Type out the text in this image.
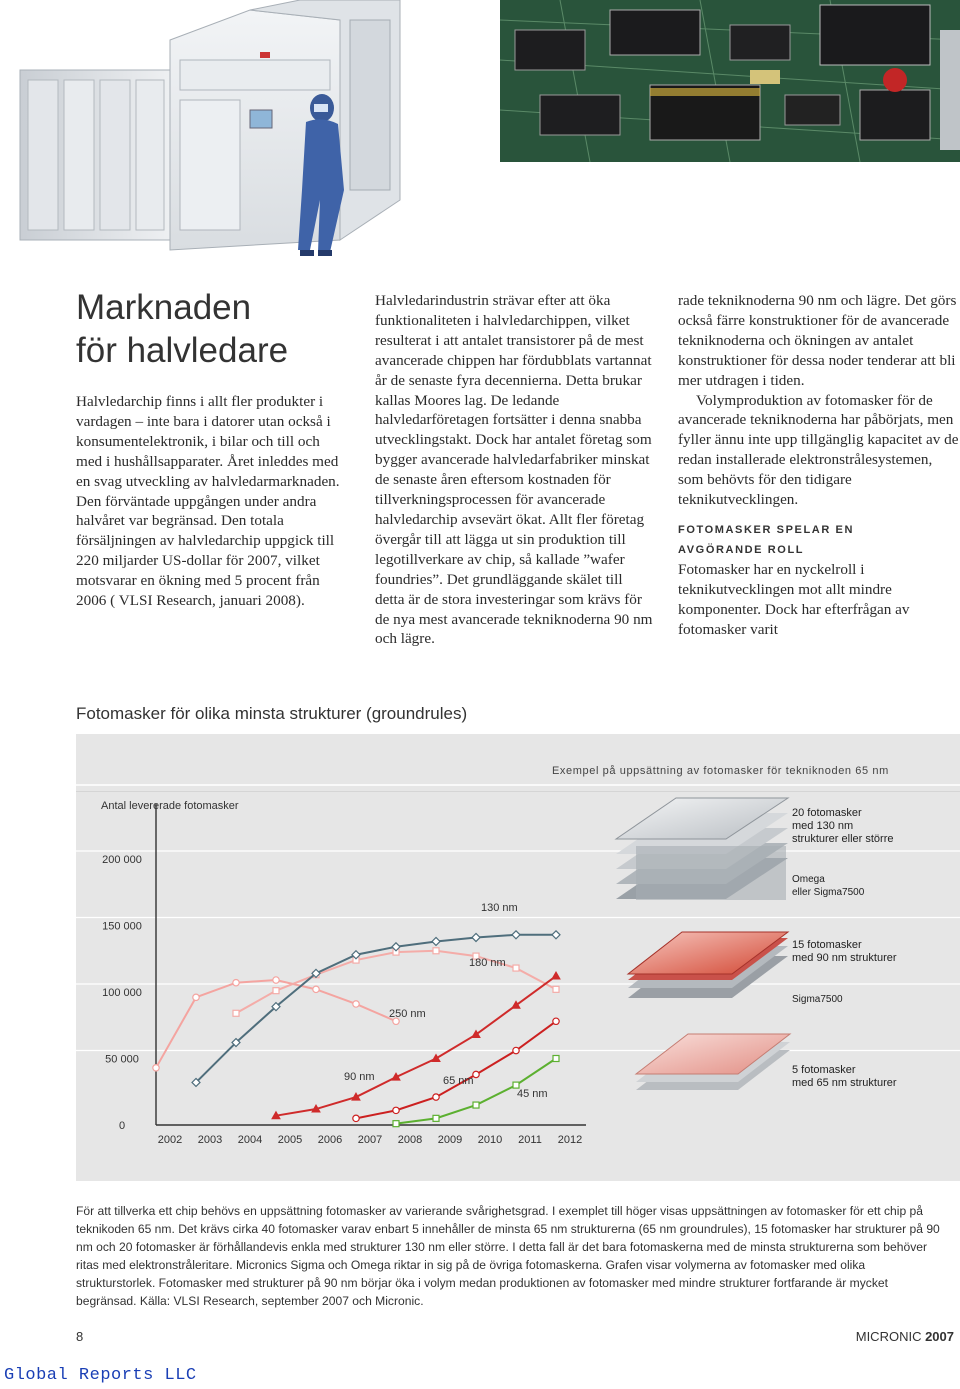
Marknaden
för halvledare

Halvledarchip finns i allt fler produkter i vardagen – inte bara i datorer utan också i konsumentelektronik, i bilar och till och med i hushållsapparater. Året inleddes med en svag utveckling av halvledarmarknaden. Den förväntade uppgången under andra halvåret var begränsad. Den totala försäljningen av halvledarchip uppgick till 220 miljarder US-dollar för 2007, vilket motsvarar en ökning med 5 procent från 2006 ( VLSI Research, januari 2008).

Halvledarindustrin strävar efter att öka funktionaliteten i halvledarchippen, vilket resulterat i att antalet transistorer på de mest avancerade chippen har fördubblats vartannat år de senaste fyra decennierna. Detta brukar kallas Moores lag. De ledande halvledarföretagen fortsätter i denna snabba utvecklingstakt. Dock har antalet företag som bygger avancerade halvledarfabriker minskat de senaste åren eftersom kostnaden för tillverkningsprocessen för avancerade halvledarchip avsevärt ökat. Allt fler företag övergår till att lägga ut sin produktion till legotillverkare av chip, så kallade ”wafer foundries”. Det grundläggande skälet till detta är de stora investeringar som krävs för de nya mest avancerade tekniknoderna 90 nm och lägre.

rade tekniknoderna 90 nm och lägre. Det görs också färre konstruktioner för de avancerade tekniknoderna och ökningen av antalet konstruktioner för dessa noder tenderar att bli mer utdragen i tiden.

Volymproduktion av fotomasker för de avancerade tekniknoderna har påbörjats, men fyller ännu inte upp tillgänglig kapacitet av de redan installerade elektronstrålesystemen, som behövts för den tidigare teknikutvecklingen.

FOTOMASKER SPELAR EN
AVGÖRANDE ROLL

Fotomasker har en nyckelroll i teknikutvecklingen mot allt mindre komponenter. Dock har efterfrågan av fotomasker varit

Fotomasker för olika minsta strukturer (groundrules)
Exempel på uppsättning av fotomasker för tekniknoden 65 nm
Antal levererade fotomasker
0
50 000
100 000
150 000
200 000
2002 2003 2004 2005 2006 2007 2008 2009 2010 2011 2012
250 nm
180 nm
130 nm
90 nm	65 nm
45 nm
20 fotomasker
med 130 nm
strukturer eller större
Omega
eller Sigma7500
15 fotomasker
med 90 nm strukturer
Sigma7500
5 fotomasker
med 65 nm strukturer
För att tillverka ett chip behövs en uppsättning fotomasker av varierande svårighetsgrad. I exemplet till höger visas uppsättningen av fotomasker för ett chip på teknikoden 65 nm. Det krävs cirka 40 fotomasker varav enbart 5 innehåller de minsta 65 nm strukturerna (65 nm groundrules), 15 fotomasker har strukturer på 90 nm och 20 fotomasker är förhållandevis enkla med strukturer 130 nm eller större. I detta fall är det bara fotomaskerna med de minsta strukturerna som behöver ritas med elektronstråleritare. Micronics Sigma och Omega riktar in sig på de övriga fotomaskerna. Grafen visar volymerna av fotomasker med olika strukturstorlek. Fotomasker med strukturer på 90 nm börjar öka i volym medan produktionen av fotomasker med mindre strukturer fortfarande är mycket begränsad. Källa: VLSI Research, september 2007 och Micronic.
8	MICRONIC 2007
Global Reports LLC
